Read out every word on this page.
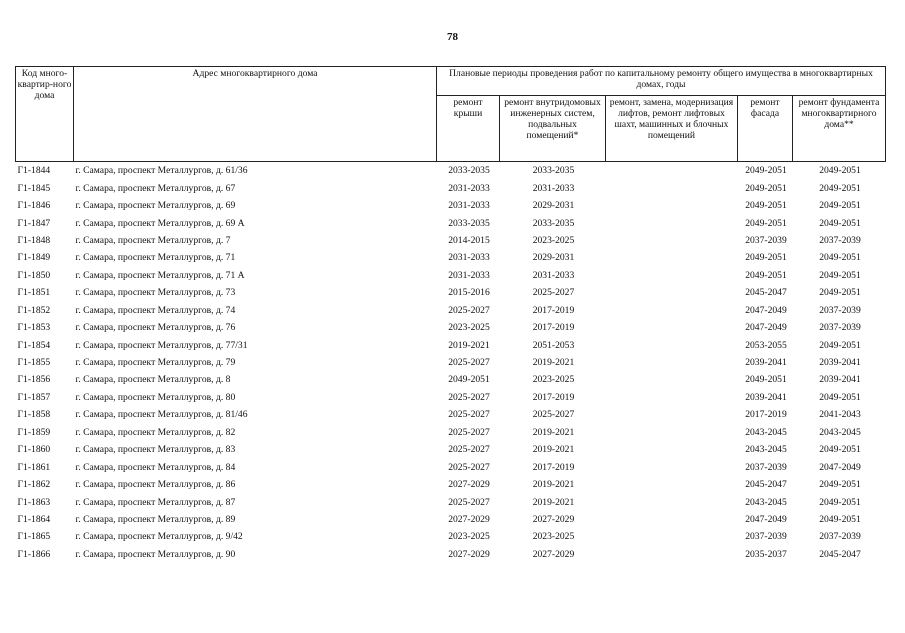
78
Код много-квартир-ного дома	Адрес многоквартирного дома	Плановые периоды проведения работ по капитальному ремонту общего имущества в многоквартирных домах, годы				
		ремонт крыши	ремонт внутридомовых инженерных систем, подвальных помещений*	ремонт, замена, модернизация лифтов, ремонт лифтовых шахт, машинных и блочных помещений	ремонт фасада	ремонт фундамента многоквартирного дома**
Г1-1844	г. Самара, проспект Металлургов, д. 61/36	2033-2035	2033-2035		2049-2051	2049-2051
Г1-1845	г. Самара, проспект Металлургов, д. 67	2031-2033	2031-2033		2049-2051	2049-2051
Г1-1846	г. Самара, проспект Металлургов, д. 69	2031-2033	2029-2031		2049-2051	2049-2051
Г1-1847	г. Самара, проспект Металлургов, д. 69 А	2033-2035	2033-2035		2049-2051	2049-2051
Г1-1848	г. Самара, проспект Металлургов, д. 7	2014-2015	2023-2025		2037-2039	2037-2039
Г1-1849	г. Самара, проспект Металлургов, д. 71	2031-2033	2029-2031		2049-2051	2049-2051
Г1-1850	г. Самара, проспект Металлургов, д. 71 А	2031-2033	2031-2033		2049-2051	2049-2051
Г1-1851	г. Самара, проспект Металлургов, д. 73	2015-2016	2025-2027		2045-2047	2049-2051
Г1-1852	г. Самара, проспект Металлургов, д. 74	2025-2027	2017-2019		2047-2049	2037-2039
Г1-1853	г. Самара, проспект Металлургов, д. 76	2023-2025	2017-2019		2047-2049	2037-2039
Г1-1854	г. Самара, проспект Металлургов, д. 77/31	2019-2021	2051-2053		2053-2055	2049-2051
Г1-1855	г. Самара, проспект Металлургов, д. 79	2025-2027	2019-2021		2039-2041	2039-2041
Г1-1856	г. Самара, проспект Металлургов, д. 8	2049-2051	2023-2025		2049-2051	2039-2041
Г1-1857	г. Самара, проспект Металлургов, д. 80	2025-2027	2017-2019		2039-2041	2049-2051
Г1-1858	г. Самара, проспект Металлургов, д. 81/46	2025-2027	2025-2027		2017-2019	2041-2043
Г1-1859	г. Самара, проспект Металлургов, д. 82	2025-2027	2019-2021		2043-2045	2043-2045
Г1-1860	г. Самара, проспект Металлургов, д. 83	2025-2027	2019-2021		2043-2045	2049-2051
Г1-1861	г. Самара, проспект Металлургов, д. 84	2025-2027	2017-2019		2037-2039	2047-2049
Г1-1862	г. Самара, проспект Металлургов, д. 86	2027-2029	2019-2021		2045-2047	2049-2051
Г1-1863	г. Самара, проспект Металлургов, д. 87	2025-2027	2019-2021		2043-2045	2049-2051
Г1-1864	г. Самара, проспект Металлургов, д. 89	2027-2029	2027-2029		2047-2049	2049-2051
Г1-1865	г. Самара, проспект Металлургов, д. 9/42	2023-2025	2023-2025		2037-2039	2037-2039
Г1-1866	г. Самара, проспект Металлургов, д. 90	2027-2029	2027-2029		2035-2037	2045-2047
